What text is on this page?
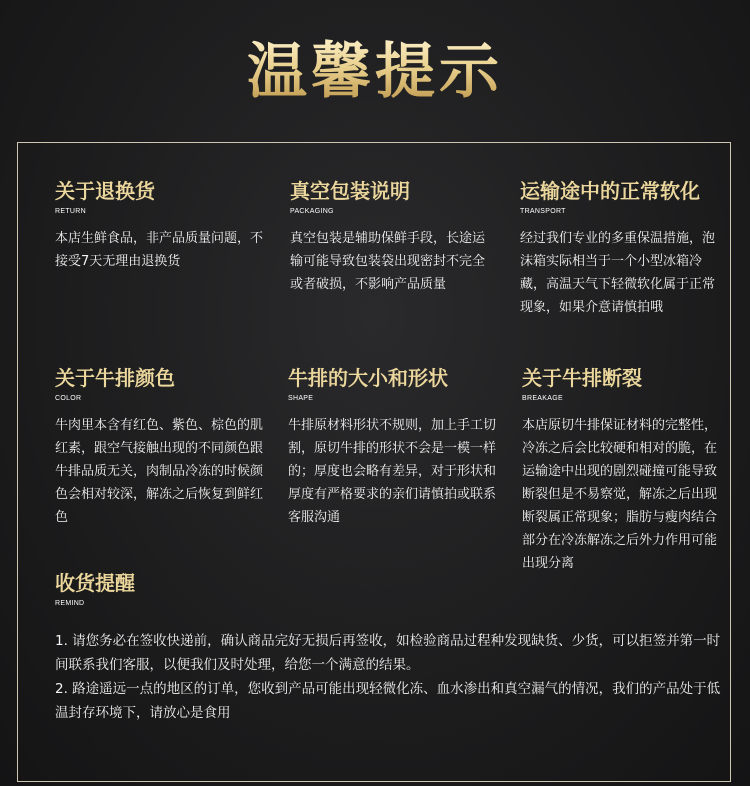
温馨提示
关于退换货
RETURN
本店生鲜食品，非产品质量问题，不接受7天无理由退换货
真空包装说明
PACKAGING
真空包装是辅助保鲜手段，长途运输可能导致包装袋出现密封不完全或者破损，不影响产品质量
运输途中的正常软化
TRANSPORT
经过我们专业的多重保温措施，泡沫箱实际相当于一个小型冰箱冷藏，高温天气下轻微软化属于正常现象，如果介意请慎拍哦
关于牛排颜色
COLOR
牛肉里本含有红色、紫色、棕色的肌红素，跟空气接触出现的不同颜色跟牛排品质无关，肉制品冷冻的时候颜色会相对较深，解冻之后恢复到鲜红色
牛排的大小和形状
SHAPE
牛排原材料形状不规则，加上手工切割，原切牛排的形状不会是一模一样的；厚度也会略有差异，对于形状和厚度有严格要求的亲们请慎拍或联系客服沟通
关于牛排断裂
BREAKAGE
本店原切牛排保证材料的完整性，冷冻之后会比较硬和相对的脆，在运输途中出现的剧烈碰撞可能导致断裂但是不易察觉，解冻之后出现断裂属正常现象；脂肪与瘦肉结合部分在冷冻解冻之后外力作用可能出现分离
收货提醒
REMIND

1. 请您务必在签收快递前，确认商品完好无损后再签收，如检验商品过程种发现缺货、少货，可以拒签并第一时间联系我们客服，以便我们及时处理，给您一个满意的结果。

2. 路途遥远一点的地区的订单，您收到产品可能出现轻微化冻、血水渗出和真空漏气的情况，我们的产品处于低温封存环境下，请放心是食用
